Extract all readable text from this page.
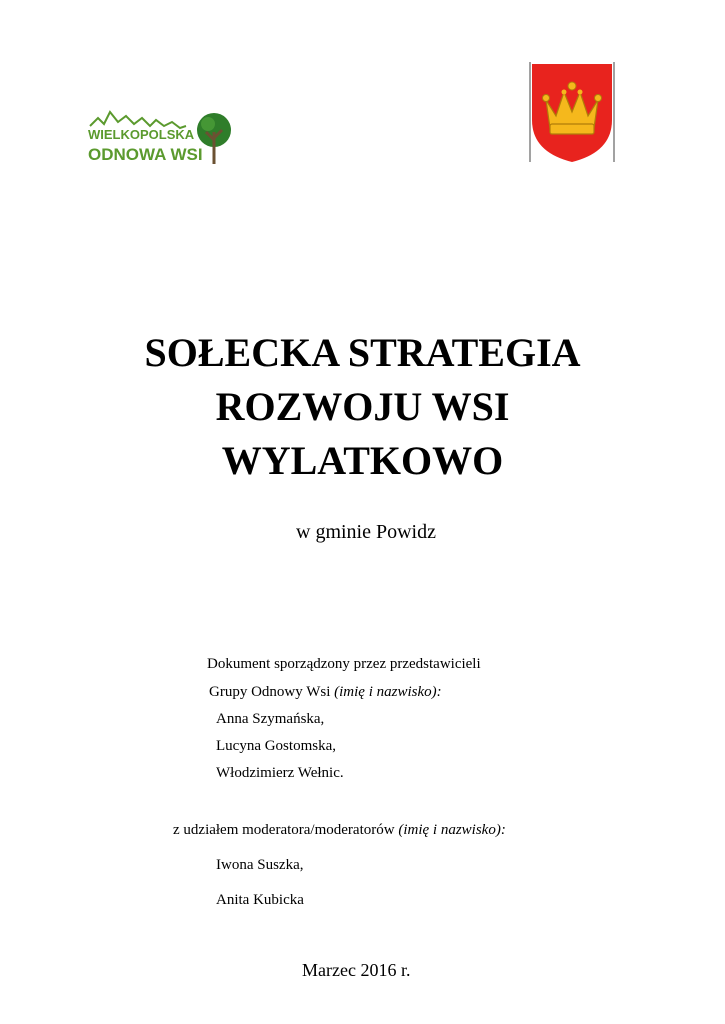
WIELKOPOLSKA
ODNOWA WSI
SOŁECKA STRATEGIA
ROZWOJU WSI
WYLATKOWO
w gminie Powidz
Dokument sporządzony przez przedstawicieli
Grupy Odnowy Wsi (imię i nazwisko):
Anna Szymańska,
Lucyna Gostomska,
Włodzimierz Wełnic.
z udziałem moderatora/moderatorów (imię i nazwisko):
Iwona Suszka,
Anita Kubicka
Marzec 2016 r.
